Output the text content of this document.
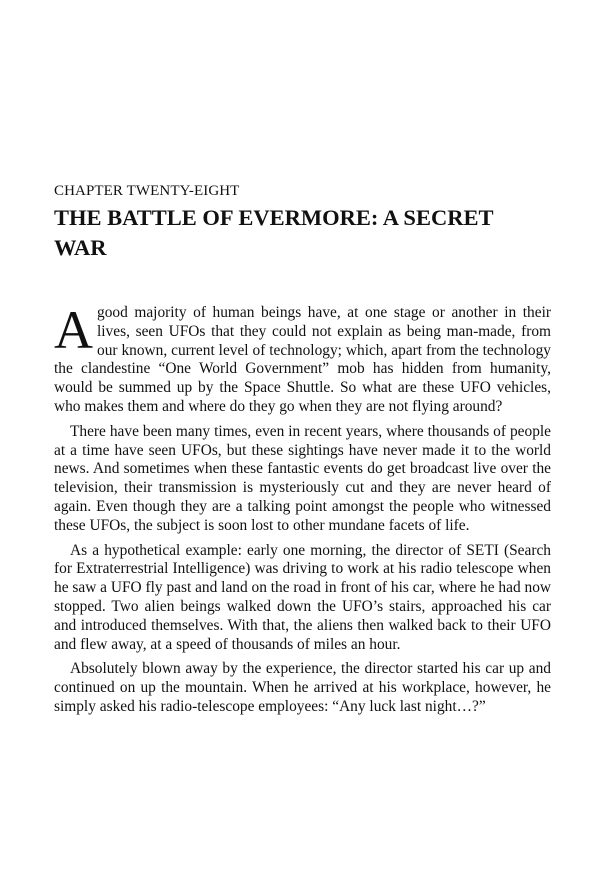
CHAPTER TWENTY-EIGHT
THE BATTLE OF EVERMORE: A SECRET
WAR

A good majority of human beings have, at one stage or another in their lives, seen UFOs that they could not explain as being man-made, from our known, current level of technology; which, apart from the technology the clandestine “One World Government” mob has hidden from humanity, would be summed up by the Space Shuttle. So what are these UFO vehicles, who makes them and where do they go when they are not flying around?

There have been many times, even in recent years, where thousands of people at a time have seen UFOs, but these sightings have never made it to the world news. And sometimes when these fantastic events do get broadcast live over the television, their transmission is mysteriously cut and they are never heard of again. Even though they are a talking point amongst the people who witnessed these UFOs, the subject is soon lost to other mundane facets of life.

As a hypothetical example: early one morning, the director of SETI (Search for Extraterrestrial Intelligence) was driving to work at his radio telescope when he saw a UFO fly past and land on the road in front of his car, where he had now stopped. Two alien beings walked down the UFO’s stairs, approached his car and introduced themselves. With that, the aliens then walked back to their UFO and flew away, at a speed of thousands of miles an hour.

Absolutely blown away by the experience, the director started his car up and continued on up the mountain. When he arrived at his workplace, however, he simply asked his radio-telescope employees: “Any luck last night…?”
